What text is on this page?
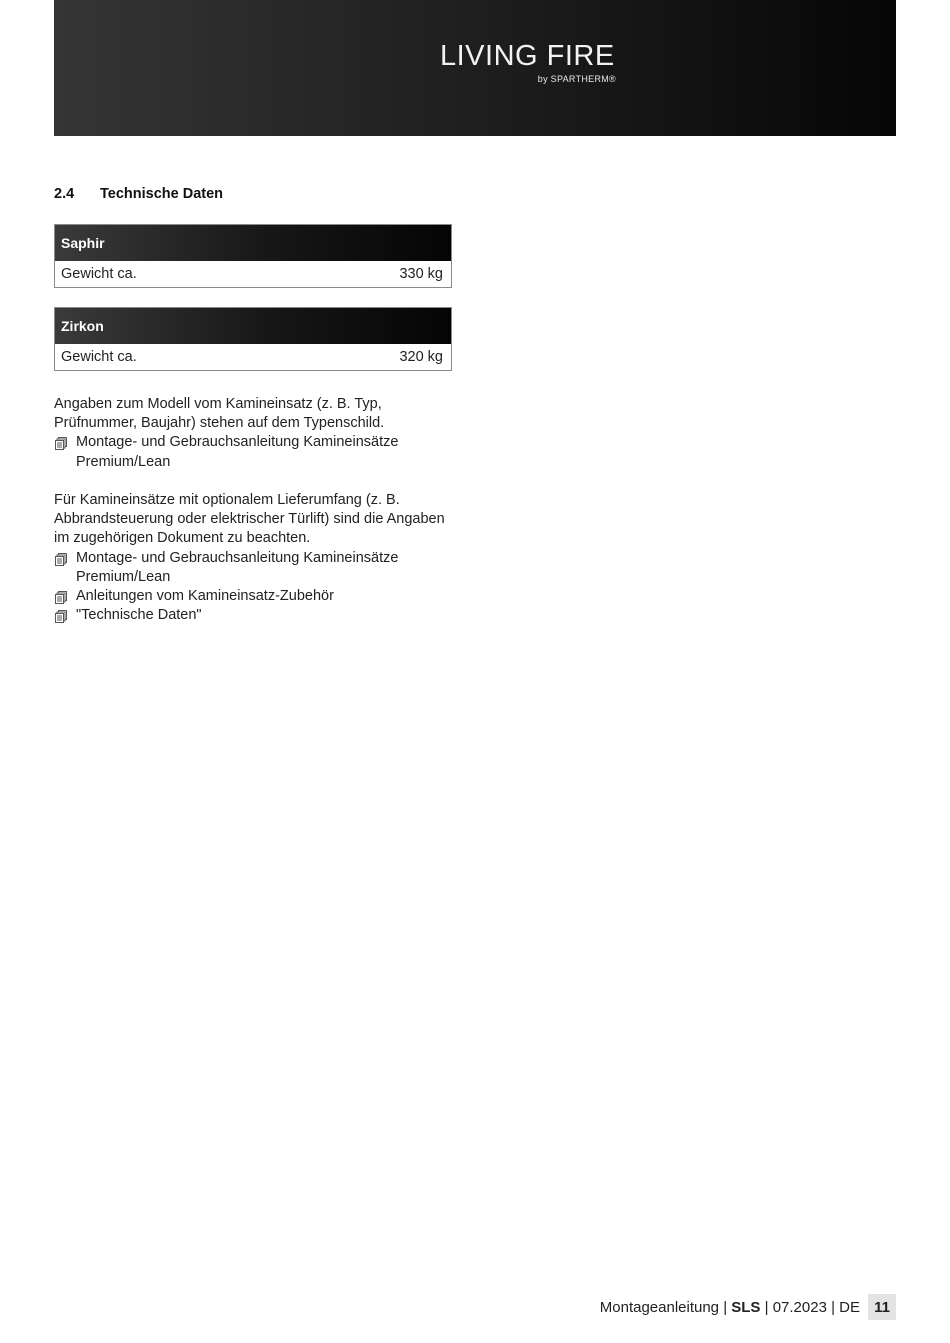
LIVING FIRE
by SPARTHERM®
2.4 Technische Daten
Saphir
Gewicht ca.	330 kg
Zirkon
Gewicht ca.	320 kg

Angaben zum Modell vom Kamineinsatz (z. B. Typ, Prüfnummer, Baujahr) stehen auf dem Typenschild.

Montage- und Gebrauchsanleitung Kamineinsätze Premium/Lean

Für Kamineinsätze mit optionalem Lieferumfang (z. B. Abbrandsteuerung oder elektrischer Türlift) sind die Angaben im zugehörigen Dokument zu beachten.

Montage- und Gebrauchsanleitung Kamineinsätze Premium/Lean
Anleitungen vom Kamineinsatz-Zubehör
"Technische Daten"
Montageanleitung | SLS | 07.2023 | DE 11
